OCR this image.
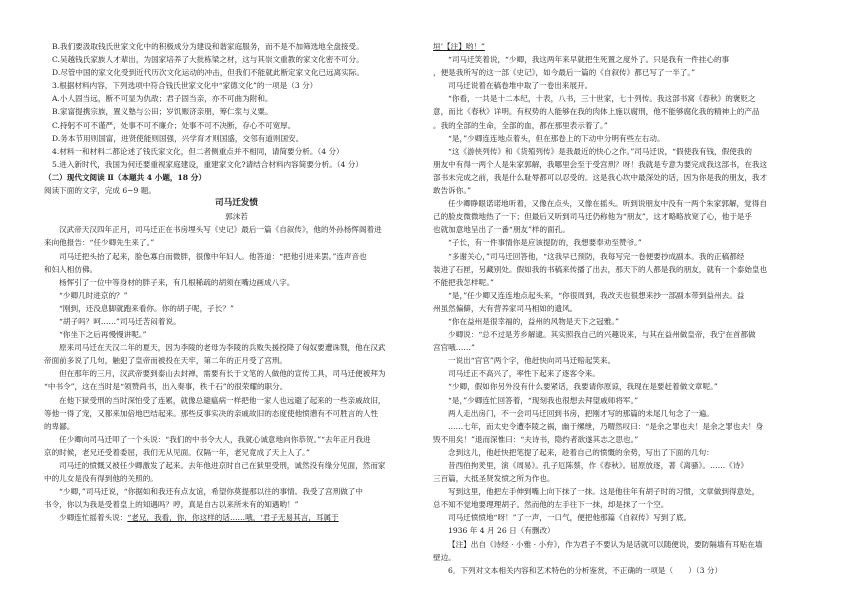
B.我们要汲取钱氏世家文化中的积极成分为建设和谐家庭服务，而不是不加筛选地全盘接受。
C.吴越钱氏家族人才辈出，为国家培养了大批栋梁之材，这与其崇文重教的家文化密不可分。
D.尽管中国的家文化受到近代历次文化运动的冲击，但我们不能就此断定家文化已远离实际。
3.根据材料内容，下列选项中符合钱氏世家文化中“家德文化”的一项是（3 分）
A.小人固当远，断不可显为仇敌；君子固当亲，亦不可曲为附和。
B.家富提携宗族，置义塾与公田；岁饥赈济亲朋，筹仁浆与义粟。
C.持躬不可不谨严，处事不可不廉介；处事不可不决断，存心不可宽厚。
D.务本节用则国富，进贤使能则国强，兴学育才则国盛，交邻有道则国安。
4.材料一和材料二都论述了钱氏家文化，但二者侧重点并不相同，请简要分析。（4 分）
5.进入新时代，我国为何还要重视家庭建设，重建家文化?请结合材料内容简要分析。（4 分）
（二）现代文阅读 Ⅱ（本题共 4 小题，18 分）
阅读下面的文字，完成 6~9 题。
司马迁发愤
郭沫若
汉武帝天汉四年正月，司马迁正在书房埋头写《史记》最后一篇《自叙传》，他的外孙杨恽阁着进
来向他报告：“任少卿先生来了。”
司马迁把头抬了起来，脸色寡白而微胖，很像中年妇人。他答道：“把他引进来罢。”连声音也
和妇人相仿佛。
杨恽引了一位中等身材的胖子来，有几根稀疏的胡须在嘴边画成八字。
“少卿几时进京的？”
“刚到，还没息脚就跑来看你。你的胡子呢，子长？”
“胡子吗？呵……”司马迁苦闷着说。
“你坐下之后再慢慢讲呢。”
原来司马迁在天汉二年的夏天，因为李陵的老母为李陵的兵败失援投降了匈奴要遭诛戮，他在汉武
帝面前多说了几句，触犯了皇帝而被投在天牢，第二年的正月受了宫刑。
但在那年的三月，汉武帝要到泰山去封禅，需要有长于文笔的人做他的宣传工具，司马迁便被拜为
“中书令”，这在当时是“领赞尚书，出入奏事，秩千石”的很荣耀的职分。
在他下狱受刑的当时深怕受了连累，就像总避瘟病一样把他一家人也远避了起来的一些亲戚故旧，
等他一得了宠，又都来加倍地巴结起来。那些反事实决的亲戚故旧的态度使他愤懑有不可胜言的人性
的卑鄙。
任少卿向司马迁叩了一个头说：“我们的中书令大人，我就心诚意地向你恭贺。”“去年正月我进
京的时候，老兄还受着委屈，我们无从见面。仅隔一年，老兄竟成了天上人了。”
司马迁的愤慨又被任少卿激发了起来。去年他进京时自己在狱里受刑，诚然没有缘分见面，然而家
中的儿女是没有得到他的关照的。
“少卿，”司马迁说，“你据如和我还有点友谊，希望你莫提那以往的事情。我受了宫刑做了中
书令，你以为我是受着皇上的知遇吗？哼，真是自古以来所未有的知遇哟！”
少卿连忙摇着头说：“老兄，我看，你，你这样的话……哦，‘君子无易其言，耳属于
垣’【注】哟！”
“司马迁笑着说，“少卿，我这两年来早就把生死置之度外了。只是我有一件挂心的事
，便是我所写的这一部《史记》，如今最后一篇的《自叙传》都已写了一半了。”
司马迁说着在稿卷堆中取了一卷出来展开。
“你看，一共是十二本纪，十表，八书，三十世家，七十列传。我这部书窝《春秋》的褒贬之
意，而比《春秋》详明。有权势的人能够在我的肉体上施以腐刑，他不能够腐化我的精神上的产品
。我的全部的生命，全部的血，都在那里表示着了。”
“是，”少卿连连地点着头，但在那卷上的下动中分明有些左右动。
“这《游侠列传》和《货殖列传》是我最近的快心之作。”司马迁说，“假使我有钱，假使我的
朋友中有得一两个人是朱家郭解，我哪里会至于受宫刑？呀！我就是专意为要完成我这部书，在我这
部书未完成之前，我是什么耻辱都可以忍受的。这是我心坎中最深处的话，因为你是我的朋友，我才
敢告诉你。”
任少卿睁眼诺诺地听着，又像在点头，又像在摇头。听到说朋友中没有一两个朱家郭解，觉得自
己的脸皮微微地热了一下；但最后又听到司马迁仍称他为“朋友”，这才略略放宽了心，他于是乎
也就加意地呈出了一番“朋友”样的面孔。
“子长，有一件事情你是应该提防的，我想要奉劝至赞爷。”
“多谢关心，”司马迁回答他，“这我早已预防，我每写完一卷便要抄成副本。我的正稿都经
装进了石匣，另藏别处。假如我的书稿来传播了出去，那天下的人都是我的朋友，就有一个泰始皇也
不能把我怎样呢。”
“是，”任少卿又连连地点起头来，“你很周到，我改天也很想来抄一部副本带到益州去。益
州虽然偏僻，大有营养家司马相如的遗风。
“你在益州是很幸福的，益州的风物是天下之冠雅。”
少卿说：“总不过是芳乡解逮。其实照我自己的兴趣说来，与其在益州做皇帝，我宁在首都做
宫官哦……”
一说出“宫官”两个字，他赶快向司马迁赔起笑来。
司马迁正不高兴了，率性下起来了逐客令来。
“少卿，假如你另外没有什么要紧话，我要请你原谅，我现在是要赶着做文章呢。”
“是，”少卿连忙回答着，“现刻我也很想去拜望戚师将军。”
两人走出房门，不一会司马迁回到书房，把刚才写的那篇的未尾几句念了一遍。
……七年，而太史令遭李陵之祸，幽于缧绁，乃喟然叹曰：“是余之罪也夫！是余之罪也夫！身
毁不用矣！”退而深惟曰：“夫诗书，隐约者欲遂其志之思也。”
念到这儿，他赶快把笔提了起来，趁着自己的愤慨的余势，写出了下面的几句：
昔西伯拘羑里，演《周易》。孔子厄陈蔡，作《春秋》。屈原放逐，著《离骚》。……《诗》
三百篇，大抵圣贤发愤之所为作也。
写到这里，他把左手伸到嘴上向下抹了一抹。这是他往年有胡子时的习惯，文章做到得意处，
总不知不觉地要理理胡子。然而他的左手往下一抹，却是抹了一个空。
司马迁愤愤地“呀！”了一声，一口气，便把他那篇《自叙传》写到了底。
1936 年 4 月 26 日（有删改）
【注】出自《诗经 · 小雅 · 小弁》，作为君子不要认为是话就可以随便说，要防隔墙有耳贴在墙
壁边。
6．下列对文本相关内容和艺术特色的分析鉴赏，不正确的一项是（　　）（3 分）
